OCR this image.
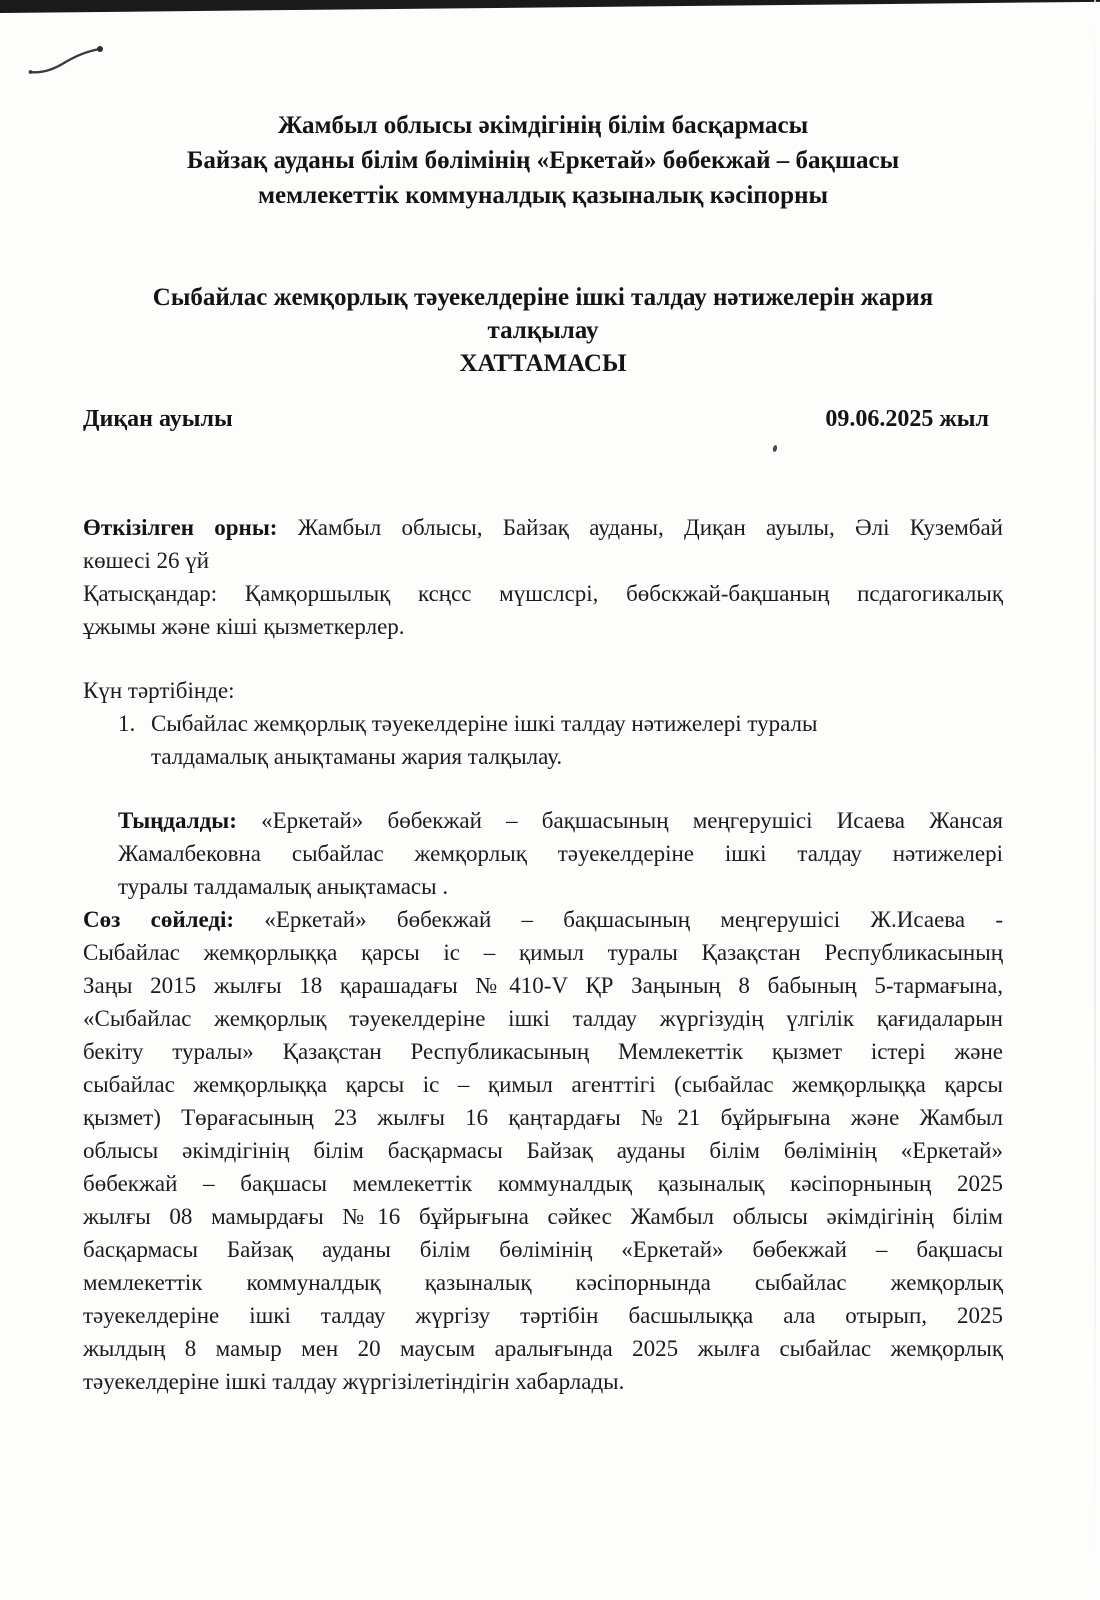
Жамбыл облысы әкімдігінің білім басқармасы
Байзақ ауданы білім бөлімінің «Еркетай» бөбекжай – бақшасы
мемлекеттік коммуналдық қазыналық кәсіпорны
Сыбайлас жемқорлық тәуекелдеріне ішкі талдау нәтижелерін жария
талқылау
ХАТТАМАСЫ
Диқан ауылы	09.06.2025 жыл
Өткізілген орны: Жамбыл облысы, Байзақ ауданы, Диқан ауылы, Әлі Кузембай
көшесі 26 үй
Қатысқандар: Қамқоршылық ксңсс мүшслсрі, бөбскжай-бақшаның псдагогикалық
ұжымы және кіші қызметкерлер.
Күн тәртібінде:
1. Сыбайлас жемқорлық тәуекелдеріне ішкі талдау нәтижелері туралы
талдамалық анықтаманы жария талқылау.
Тыңдалды: «Еркетай» бөбекжай – бақшасының меңгерушісі Исаева Жансая
Жамалбековна сыбайлас жемқорлық тәуекелдеріне ішкі талдау нәтижелері
туралы талдамалық анықтамасы .
Сөз сөйледі: «Еркетай» бөбекжай – бақшасының меңгерушісі Ж.Исаева -
Сыбайлас жемқорлыққа қарсы іс – қимыл туралы Қазақстан Республикасының
Заңы 2015 жылғы 18 қарашадағы №410-V ҚР Заңының 8 бабының 5-тармағына,
«Сыбайлас жемқорлық тәуекелдеріне ішкі талдау жүргізудің үлгілік қағидаларын
бекіту туралы» Қазақстан Республикасының Мемлекеттік қызмет істері және
сыбайлас жемқорлыққа қарсы іс – қимыл агенттігі (сыбайлас жемқорлыққа қарсы
қызмет) Төрағасының 23 жылғы 16 қаңтардағы №21 бұйрығына және Жамбыл
облысы әкімдігінің білім басқармасы Байзақ ауданы білім бөлімінің «Еркетай»
бөбекжай – бақшасы мемлекеттік коммуналдық қазыналық кәсіпорнының 2025
жылғы 08 мамырдағы №16 бұйрығына сәйкес Жамбыл облысы әкімдігінің білім
басқармасы Байзақ ауданы білім бөлімінің «Еркетай» бөбекжай – бақшасы
мемлекеттік коммуналдық қазыналық кәсіпорнында сыбайлас жемқорлық
тәуекелдеріне ішкі талдау жүргізу тәртібін басшылыққа ала отырып, 2025
жылдың 8 мамыр мен 20 маусым аралығында 2025 жылға сыбайлас жемқорлық
тәуекелдеріне ішкі талдау жүргізілетіндігін хабарлады.
